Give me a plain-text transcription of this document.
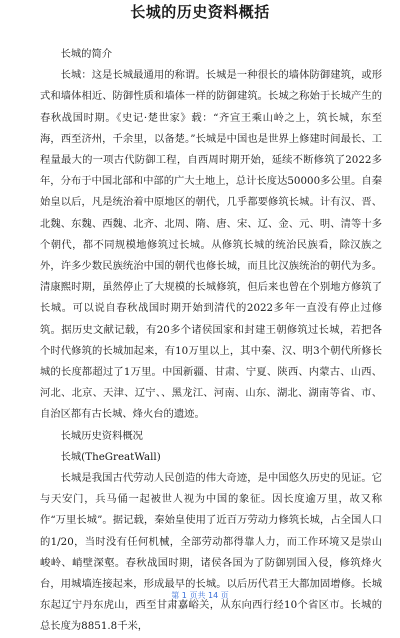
长城的历史资料概括

长城的简介

长城：这是长城最通用的称谓。长城是一种很长的墙体防御建筑，或形式和墙体相近、防御性质和墙体一样的防御建筑。长城之称始于长城产生的春秋战国时期。《史记·楚世家》载：“齐宣王乘山岭之上，筑长城，东至海，西至济州，千余里，以备楚。”长城是中国也是世界上修建时间最长、工程量最大的一项古代防御工程，自西周时期开始，延续不断修筑了2022多年，分布于中国北部和中部的广大土地上，总计长度达50000多公里。自秦始皇以后，凡是统治着中原地区的朝代，几乎都要修筑长城。计有汉、晋、北魏、东魏、西魏、北齐、北周、隋、唐、宋、辽、金、元、明、清等十多个朝代，都不同规模地修筑过长城。从修筑长城的统治民族看，除汉族之外，许多少数民族统治中国的朝代也修长城，而且比汉族统治的朝代为多。清康熙时期，虽然停止了大规模的长城修筑，但后来也曾在个别地方修筑了长城。可以说自春秋战国时期开始到清代的2022多年一直没有停止过修筑。据历史文献记载，有20多个诸侯国家和封建王朝修筑过长城，若把各个时代修筑的长城加起来，有10万里以上，其中秦、汉、明3个朝代所修长城的长度都超过了1万里。中国新疆、甘肃、宁夏、陕西、内蒙古、山西、河北、北京、天津、辽宁、、黑龙江、河南、山东、湖北、湖南等省、市、自治区都有古长城、烽火台的遗迹。

长城历史资料概况

长城(TheGreatWall)

长城是我国古代劳动人民创造的伟大奇迹，是中国悠久历史的见证。它与天安门，兵马俑一起被世人视为中国的象征。因长度逾万里，故又称作“万里长城”。据记载，秦始皇使用了近百万劳动力修筑长城，占全国人口的1/20，当时没有任何机械，全部劳动都得靠人力，而工作环境又是崇山峻岭、峭壁深壑。春秋战国时期，诸侯各国为了防御别国入侵，修筑烽火台，用城墙连接起来，形成最早的长城。以后历代君王大都加固增修。长城东起辽宁丹东虎山，西至甘肃嘉峪关，从东向西行经10个省区市。长城的总长度为8851.8千米，

第 1 页共 14 页
